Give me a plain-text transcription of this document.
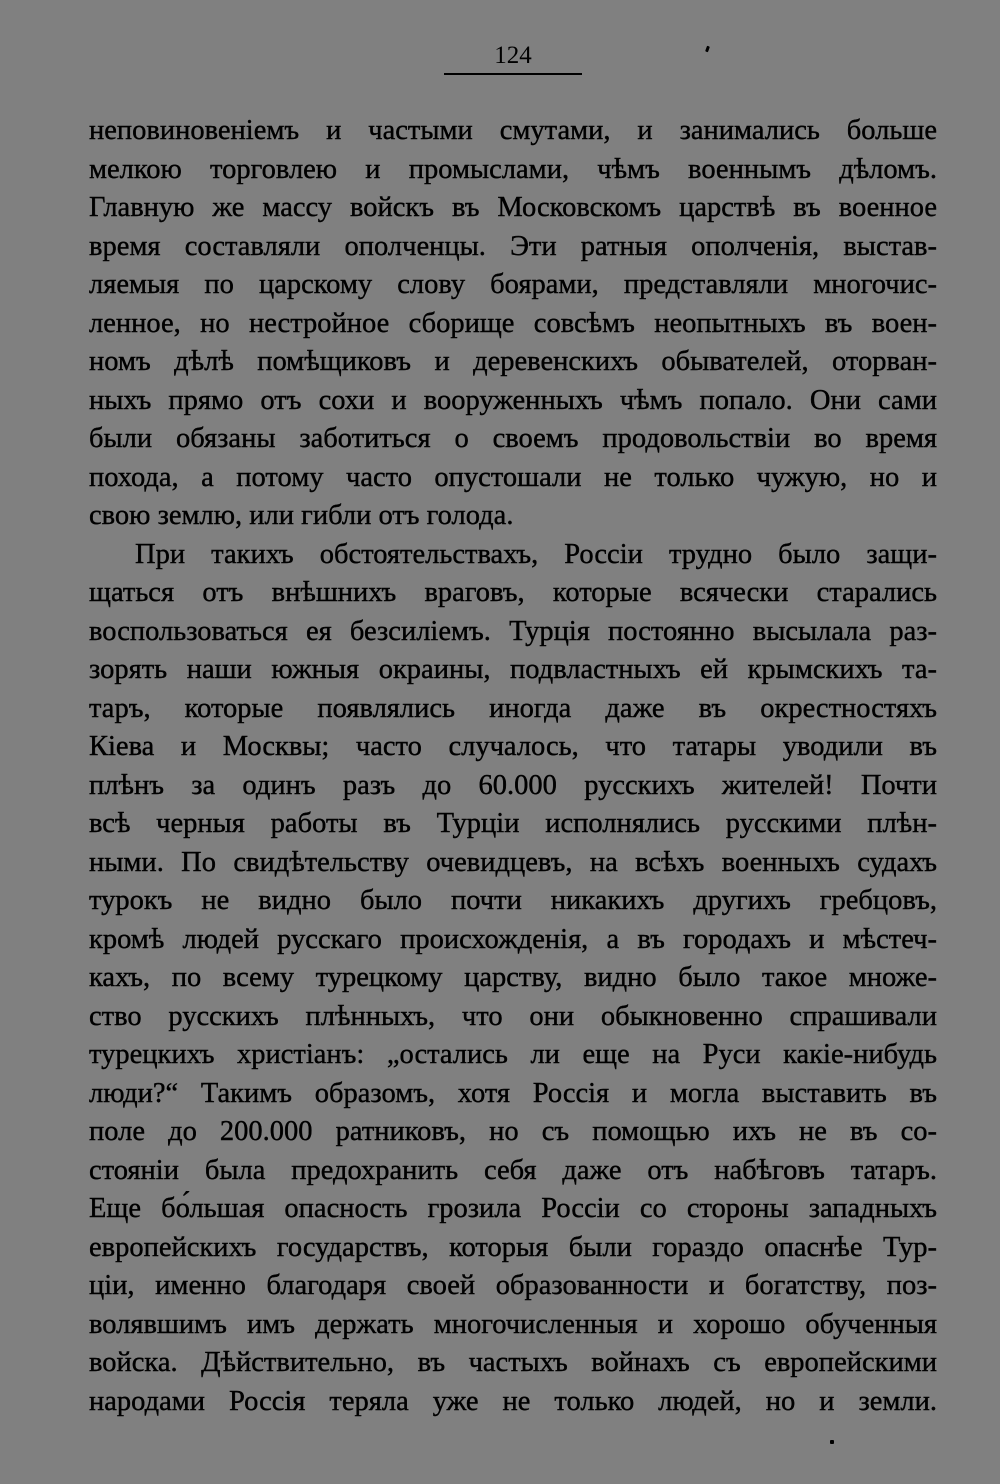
124

неповиновеніемъ и частыми смутами, и занимались больше
мелкою торговлею и промыслами, чѣмъ военнымъ дѣломъ.
Главную же массу войскъ въ Московскомъ царствѣ въ военное
время составляли ополченцы. Эти ратныя ополченія, выстав-
ляемыя по царскому слову боярами, представляли многочис-
ленное, но нестройное сборище совсѣмъ неопытныхъ въ воен-
номъ дѣлѣ помѣщиковъ и деревенскихъ обывателей, оторван-
ныхъ прямо отъ сохи и вооруженныхъ чѣмъ попало. Они сами
были обязаны заботиться о своемъ продовольствіи во время
похода, а потому часто опустошали не только чужую, но и
свою землю, или гибли отъ голода.
При такихъ обстоятельствахъ, Россіи трудно было защи-
щаться отъ внѣшнихъ враговъ, которые всячески старались
воспользоваться ея безсиліемъ. Турція постоянно высылала раз-
зорять наши южныя окраины, подвластныхъ ей крымскихъ та-
таръ, которые появлялись иногда даже въ окрестностяхъ
Кіева и Москвы; часто случалось, что татары уводили въ
плѣнъ за одинъ разъ до 60.000 русскихъ жителей! Почти
всѣ черныя работы въ Турціи исполнялись русскими плѣн-
ными. По свидѣтельству очевидцевъ, на всѣхъ военныхъ судахъ
турокъ не видно было почти никакихъ другихъ гребцовъ,
кромѣ людей русскаго происхожденія, а въ городахъ и мѣстеч-
кахъ, по всему турецкому царству, видно было такое множе-
ство русскихъ плѣнныхъ, что они обыкновенно спрашивали
турецкихъ христіанъ: „остались ли еще на Руси какіе-нибудь
люди?“ Такимъ образомъ, хотя Россія и могла выставить въ
поле до 200.000 ратниковъ, но съ помощью ихъ не въ со-
стояніи была предохранить себя даже отъ набѣговъ татаръ.
Еще бо́льшая опасность грозила Россіи со стороны западныхъ
европейскихъ государствъ, которыя были гораздо опаснѣе Тур-
ціи, именно благодаря своей образованности и богатству, поз-
волявшимъ имъ держать многочисленныя и хорошо обученныя
войска. Дѣйствительно, въ частыхъ войнахъ съ европейскими
народами Россія теряла уже не только людей, но и земли.
